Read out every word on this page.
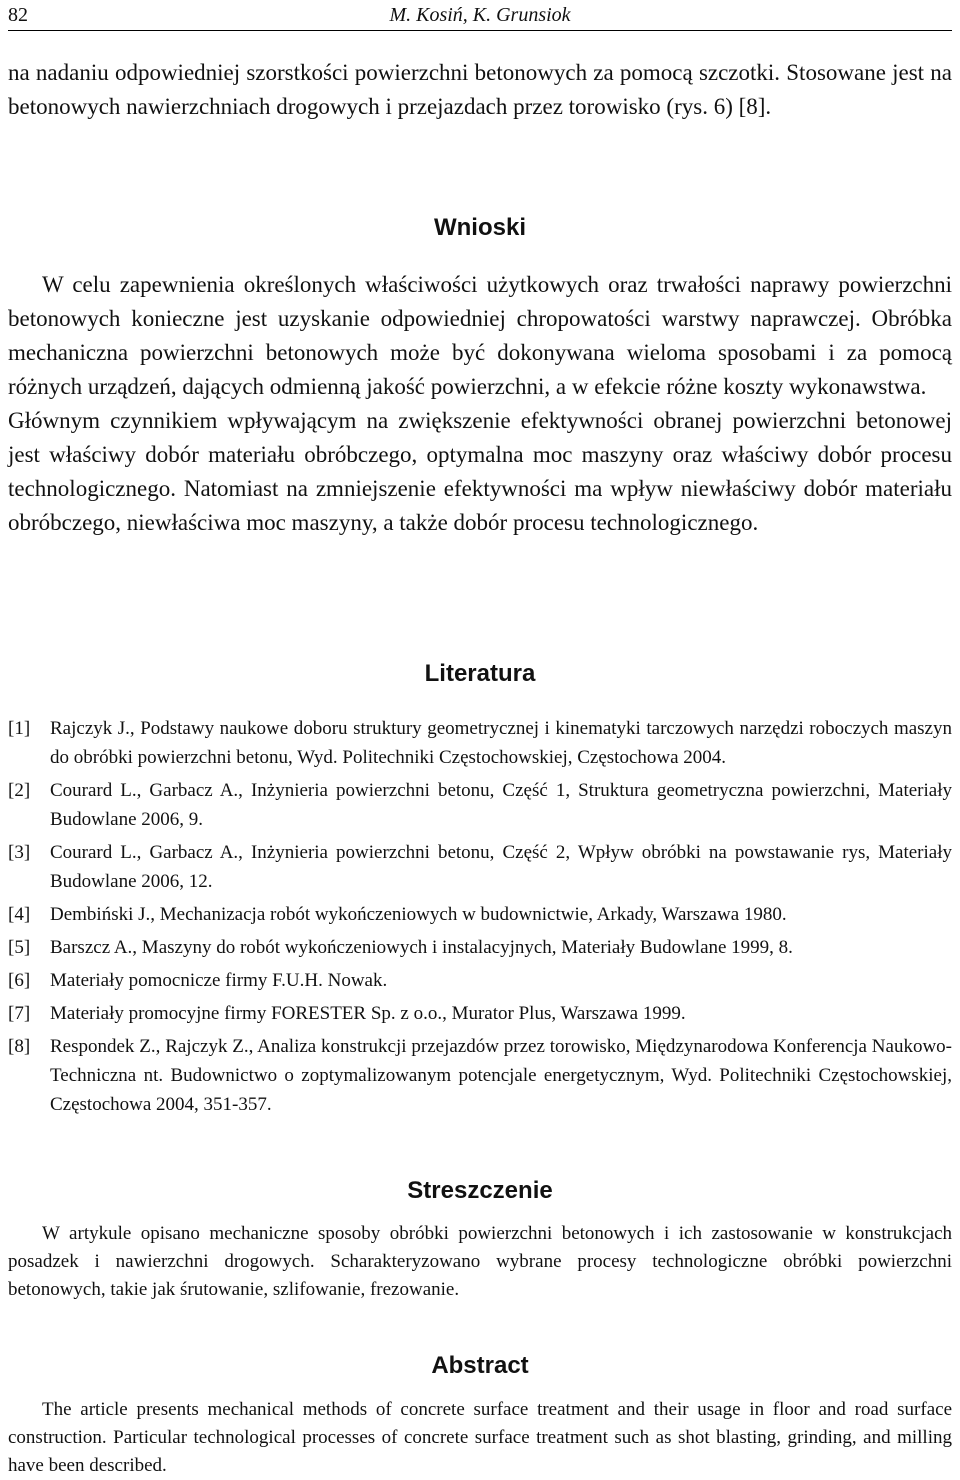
82	M. Kosiń, K. Grunsiok

na nadaniu odpowiedniej szorstkości powierzchni betonowych za pomocą szczotki. Stosowane jest na betonowych nawierzchniach drogowych i przejazdach przez torowisko (rys. 6) [8].

Wnioski

W celu zapewnienia określonych właściwości użytkowych oraz trwałości naprawy powierzchni betonowych konieczne jest uzyskanie odpowiedniej chropowatości warstwy naprawczej. Obróbka mechaniczna powierzchni betonowych może być dokonywana wieloma sposobami i za pomocą różnych urządzeń, dających odmienną jakość powierzchni, a w efekcie różne koszty wykonawstwa.

Głównym czynnikiem wpływającym na zwiększenie efektywności obranej powierzchni betonowej jest właściwy dobór materiału obróbczego, optymalna moc maszyny oraz właściwy dobór procesu technologicznego. Natomiast na zmniejszenie efektywności ma wpływ niewłaściwy dobór materiału obróbczego, niewłaściwa moc maszyny, a także dobór procesu technologicznego.

Literatura
[1]	Rajczyk J., Podstawy naukowe doboru struktury geometrycznej i kinematyki tarczowych narzędzi roboczych maszyn do obróbki powierzchni betonu, Wyd. Politechniki Częstochowskiej, Częstochowa 2004.
[2]	Courard L., Garbacz A., Inżynieria powierzchni betonu, Część 1, Struktura geometryczna powierzchni, Materiały Budowlane 2006, 9.
[3]	Courard L., Garbacz A., Inżynieria powierzchni betonu, Część 2, Wpływ obróbki na powstawanie rys, Materiały Budowlane 2006, 12.
[4]	Dembiński J., Mechanizacja robót wykończeniowych w budownictwie, Arkady, Warszawa 1980.
[5]	Barszcz A., Maszyny do robót wykończeniowych i instalacyjnych, Materiały Budowlane 1999, 8.
[6]	Materiały pomocnicze firmy F.U.H. Nowak.
[7]	Materiały promocyjne firmy FORESTER Sp. z o.o., Murator Plus, Warszawa 1999.
[8]	Respondek Z., Rajczyk Z., Analiza konstrukcji przejazdów przez torowisko, Międzynarodowa Konferencja Naukowo-Techniczna nt. Budownictwo o zoptymalizowanym potencjale energetycznym, Wyd. Politechniki Częstochowskiej, Częstochowa 2004, 351-357.
Streszczenie

W artykule opisano mechaniczne sposoby obróbki powierzchni betonowych i ich zastosowanie w konstrukcjach posadzek i nawierzchni drogowych. Scharakteryzowano wybrane procesy technologiczne obróbki powierzchni betonowych, takie jak śrutowanie, szlifowanie, frezowanie.

Abstract

The article presents mechanical methods of concrete surface treatment and their usage in floor and road surface construction. Particular technological processes of concrete surface treatment such as shot blasting, grinding, and milling have been described.
